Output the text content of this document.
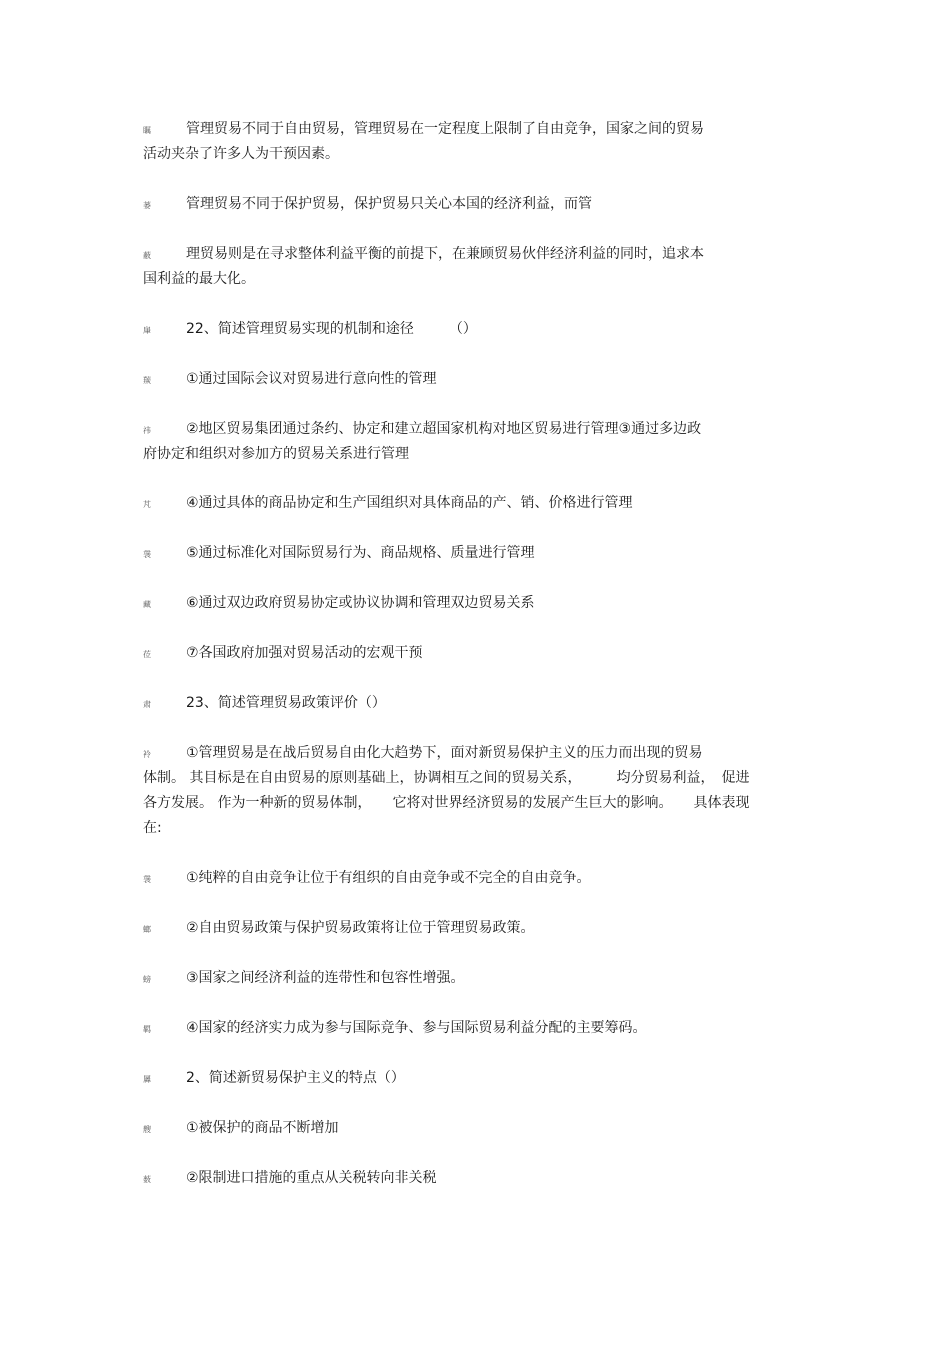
瞩	管理贸易不同于自由贸易，管理贸易在一定程度上限制了自由竞争，国家之间的贸易
活动夹杂了许多人为干预因素。
蒌	管理贸易不同于保护贸易，保护贸易只关心本国的经济利益，而管
蔽	理贸易则是在寻求整体利益平衡的前提下，在兼顾贸易伙伴经济利益的同时，追求本
国利益的最大化。
肁	22、简述管理贸易实现的机制和途径　　　（）
羰	①通过国际会议对贸易进行意向性的管理
祎	②地区贸易集团通过条约、协定和建立超国家机构对地区贸易进行管理③通过多边政
府协定和组织对参加方的贸易关系进行管理
芃	④通过具体的商品协定和生产国组织对具体商品的产、销、价格进行管理
袰	⑤通过标准化对国际贸易行为、商品规格、质量进行管理
藏	⑥通过双边政府贸易协定或协议协调和管理双边贸易关系
莅	⑦各国政府加强对贸易活动的宏观干预
肃	23、简述管理贸易政策评价（）
袊	①管理贸易是在战后贸易自由化大趋势下，面对新贸易保护主义的压力而出现的贸易
体制。 其目标是在自由贸易的原则基础上，协调相互之间的贸易关系，　　　均分贸易利益，　促进
各方发展。 作为一种新的贸易体制，　　它将对世界经济贸易的发展产生巨大的影响。　　具体表现
在:
袰	①纯粹的自由竞争让位于有组织的自由竞争或不完全的自由竞争。
螂	②自由贸易政策与保护贸易政策将让位于管理贸易政策。
螃	③国家之间经济利益的连带性和包容性增强。
羁	④国家的经济实力成为参与国际竞争、参与国际贸易利益分配的主要筹码。
羼	2、简述新贸易保护主义的特点（）
艘	①被保护的商品不断增加
薮	②限制进口措施的重点从关税转向非关税
